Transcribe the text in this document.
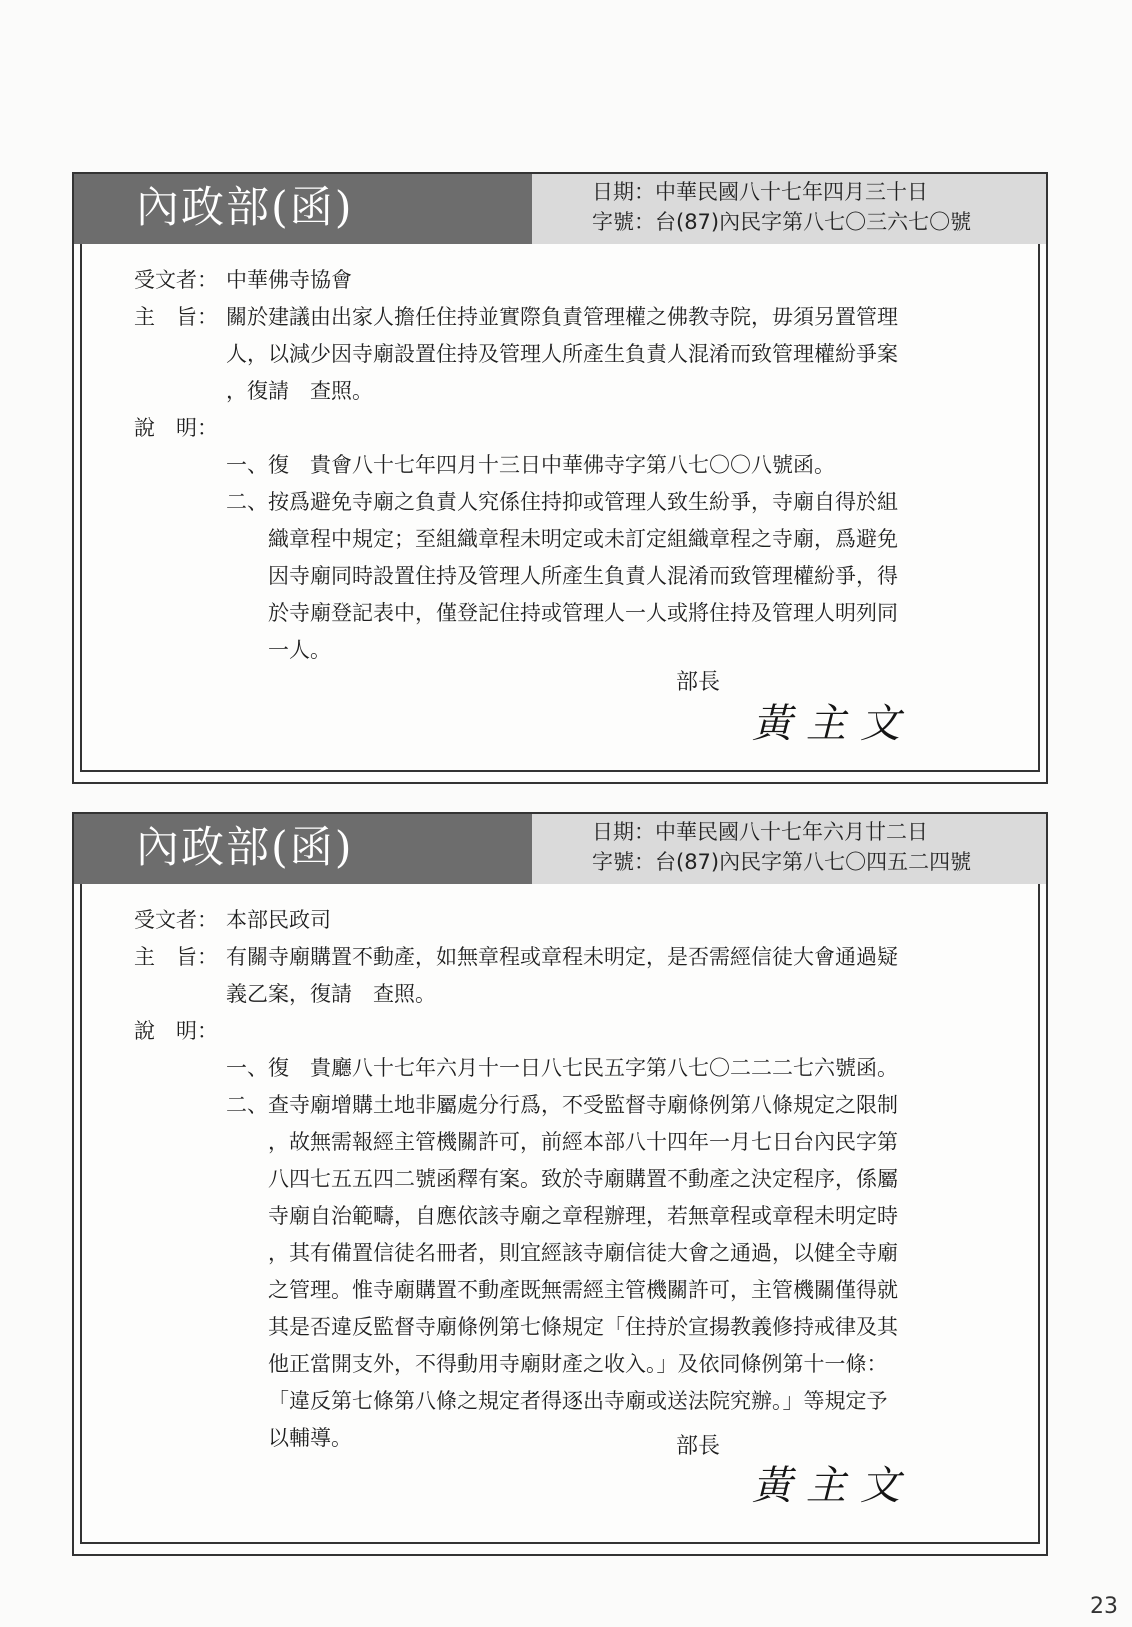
內政部(函)	日期：中華民國八十七年四月三十日
字號：台(87)內民字第八七〇三六七〇號
受文者： 中華佛寺協會
主　旨： 關於建議由出家人擔任住持並實際負責管理權之佛教寺院，毋須另置管理
人，以減少因寺廟設置住持及管理人所產生負責人混淆而致管理權紛爭案
，復請　查照。
說　明：
一、 復　貴會八十七年四月十三日中華佛寺字第八七〇〇八號函。
二、 按爲避免寺廟之負責人究係住持抑或管理人致生紛爭，寺廟自得於組
織章程中規定；至組織章程未明定或未訂定組織章程之寺廟，爲避免
因寺廟同時設置住持及管理人所產生負責人混淆而致管理權紛爭，得
於寺廟登記表中，僅登記住持或管理人一人或將住持及管理人明列同
一人。
部長
黃主文
內政部(函)	日期：中華民國八十七年六月廿二日
字號：台(87)內民字第八七〇四五二四號
受文者： 本部民政司
主　旨： 有關寺廟購置不動產，如無章程或章程未明定，是否需經信徒大會通過疑
義乙案，復請　查照。
說　明：
一、 復　貴廳八十七年六月十一日八七民五字第八七〇二二二七六號函。
二、 查寺廟增購土地非屬處分行爲，不受監督寺廟條例第八條規定之限制
，故無需報經主管機關許可，前經本部八十四年一月七日台內民字第
八四七五五四二號函釋有案。致於寺廟購置不動產之決定程序，係屬
寺廟自治範疇，自應依該寺廟之章程辦理，若無章程或章程未明定時
，其有備置信徒名冊者，則宜經該寺廟信徒大會之通過，以健全寺廟
之管理。惟寺廟購置不動產既無需經主管機關許可，主管機關僅得就
其是否違反監督寺廟條例第七條規定「住持於宣揚教義修持戒律及其
他正當開支外，不得動用寺廟財產之收入。」及依同條例第十一條：
「違反第七條第八條之規定者得逐出寺廟或送法院究辦。」等規定予
以輔導。	部長
黃主文
23
